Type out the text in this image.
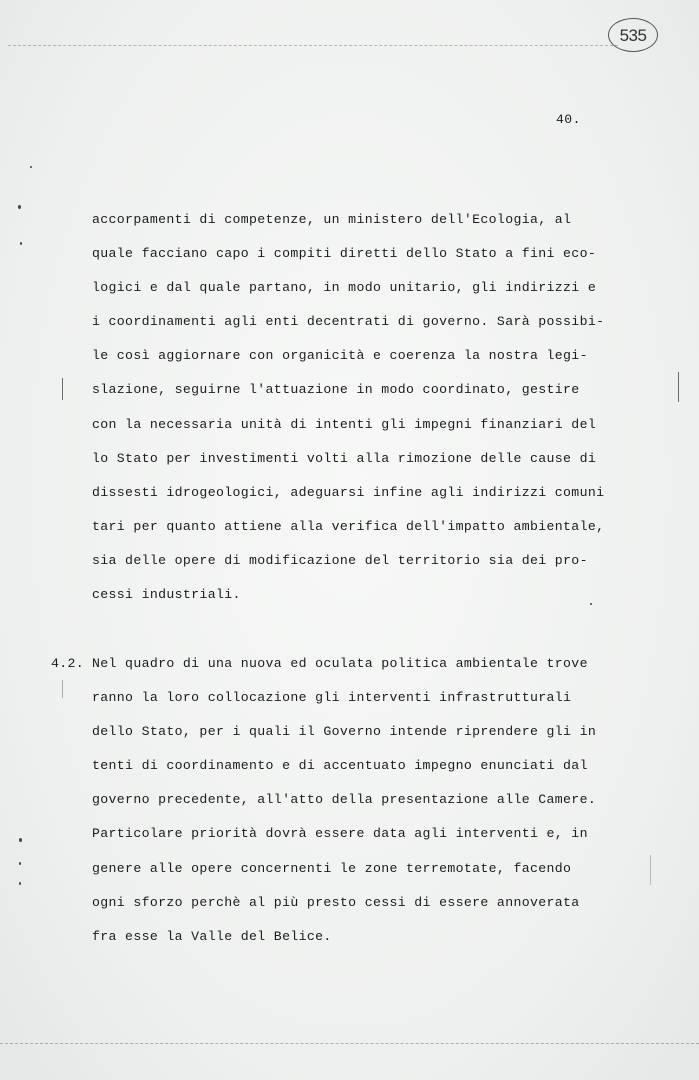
535
40.
accorpamenti di competenze, un ministero dell'Ecologia, al
quale facciano capo i compiti diretti dello Stato a fini eco-
logici e dal quale partano, in modo unitario, gli indirizzi e
i coordinamenti agli enti decentrati di governo. Sarà possibi-
le così aggiornare con organicità e coerenza la nostra legi-
slazione, seguirne l'attuazione in modo coordinato, gestire
con la necessaria unità di intenti gli impegni finanziari del
lo Stato per investimenti volti alla rimozione delle cause di
dissesti idrogeologici, adeguarsi infine agli indirizzi comuni
tari per quanto attiene alla verifica dell'impatto ambientale,
sia delle opere di modificazione del territorio sia dei pro-
cessi industriali.
4.2. Nel quadro di una nuova ed oculata politica ambientale trove
ranno la loro collocazione gli interventi infrastrutturali
dello Stato, per i quali il Governo intende riprendere gli in
tenti di coordinamento e di accentuato impegno enunciati dal
governo precedente, all'atto della presentazione alle Camere.
Particolare priorità dovrà essere data agli interventi e, in
genere alle opere concernenti le zone terremotate, facendo
ogni sforzo perchè al più presto cessi di essere annoverata
fra esse la Valle del Belice.
